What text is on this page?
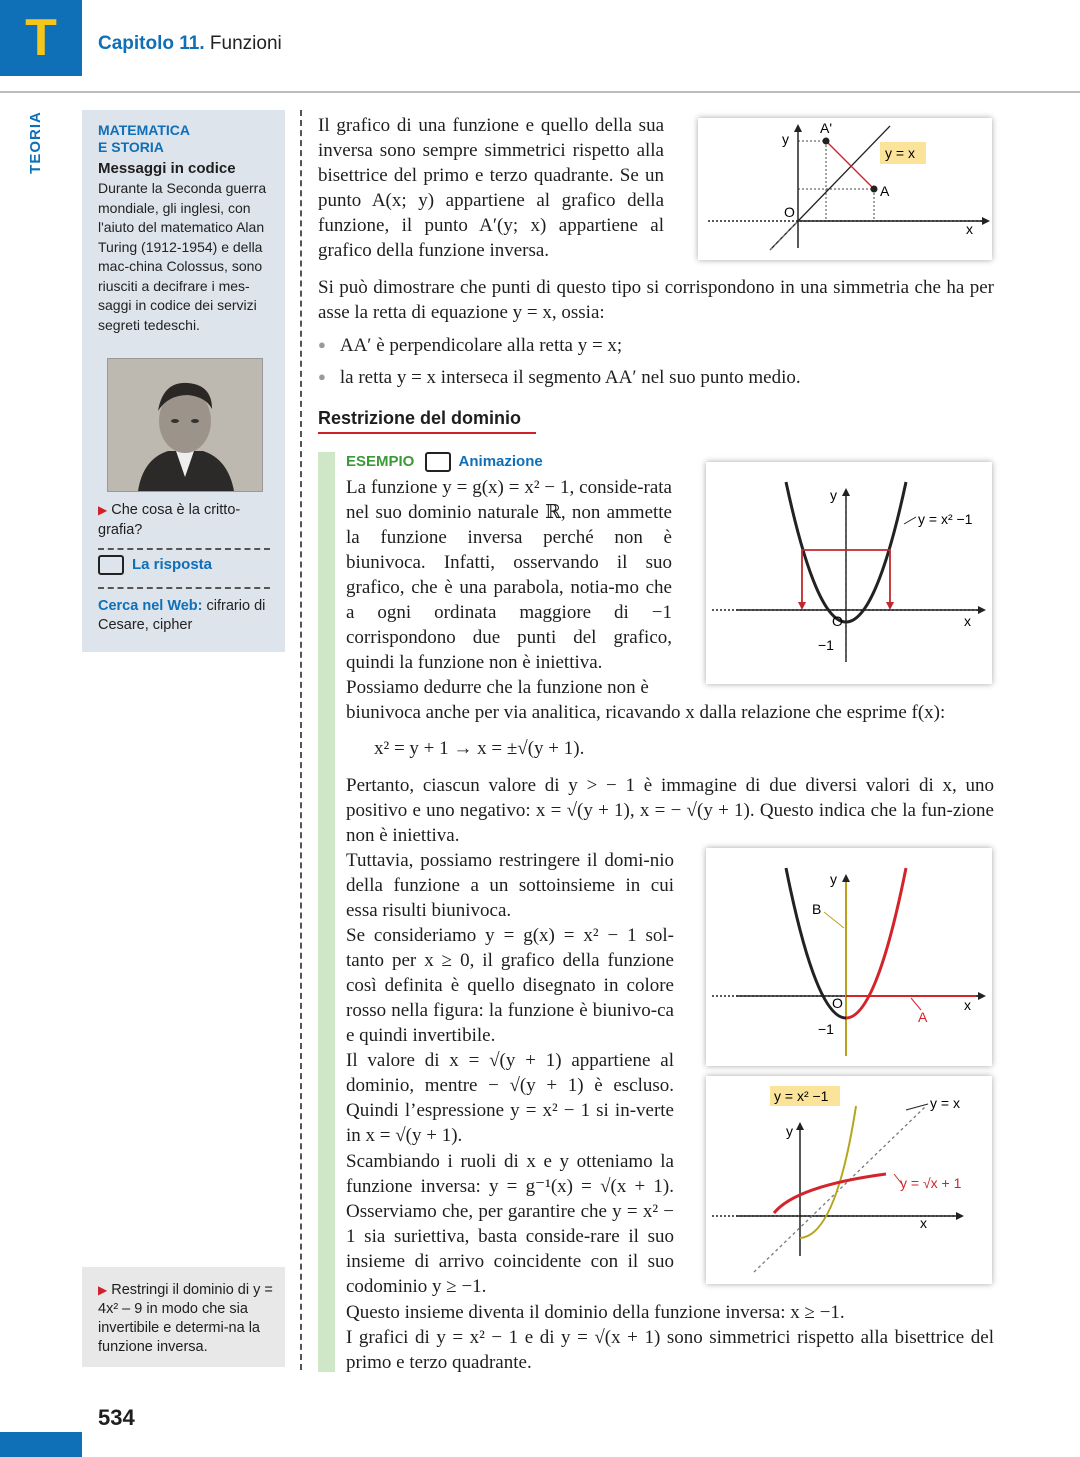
T	Capitolo 11. Funzioni
TEORIA	MATEMATICA
E STORIA
Messaggi in codice
Durante la Seconda guerra mondiale, gli inglesi, con l'aiuto del matematico Alan Turing (1912-1954) e della mac-china Colossus, sono riusciti a decifrare i mes-saggi in codice dei servizi segreti tedeschi.
▶ Che cosa è la critto-grafia?
La risposta
Cerca nel Web: cifrario di Cesare, cipher
▶ Restringi il dominio di y = 4x² – 9 in modo che sia invertibile e determi-na la funzione inversa.
534
Il grafico di una funzione e quello della sua inversa sono sempre simmetrici rispetto alla bisettrice del primo e terzo quadrante. Se un punto A(x; y) appartiene al grafico della funzione, il punto A′(y; x) appartiene al grafico della funzione inversa.
y = x
y
x
O
A
A'
Si può dimostrare che punti di questo tipo si corrispondono in una simmetria che ha per asse la retta di equazione y = x, ossia:
● AA′ è perpendicolare alla retta y = x;
● la retta y = x interseca il segmento AA′ nel suo punto medio.
Restrizione del dominio
ESEMPIO	Animazione
La funzione y = g(x) = x² − 1, conside-rata nel suo dominio naturale ℝ, non ammette la funzione inversa perché non è biunivoca. Infatti, osservando il suo grafico, che è una parabola, notia-mo che a ogni ordinata maggiore di −1 corrispondono due punti del grafico, quindi la funzione non è iniettiva.
Possiamo dedurre che la funzione non è
biunivoca anche per via analitica, ricavando x dalla relazione che esprime f(x):
x² = y + 1 → x = ±√(y + 1).
Pertanto, ciascun valore di y > − 1 è immagine di due diversi valori di x, uno positivo e uno negativo: x = √(y + 1), x = − √(y + 1). Questo indica che la fun-zione non è iniettiva.
Tuttavia, possiamo restringere il domi-nio della funzione a un sottoinsieme in cui essa risulti biunivoca.
Se consideriamo y = g(x) = x² − 1 sol-tanto per x ≥ 0, il grafico della funzione così definita è quello disegnato in colore rosso nella figura: la funzione è biunivo-ca e quindi invertibile.
Il valore di x = √(y + 1) appartiene al dominio, mentre − √(y + 1) è escluso. Quindi l’espressione y = x² − 1 si in-verte in x = √(y + 1).
Scambiando i ruoli di x e y otteniamo la funzione inversa: y = g⁻¹(x) = √(x + 1). Osserviamo che, per garantire che y = x² − 1 sia suriettiva, basta conside-rare il suo insieme di arrivo coincidente con il suo codominio y ≥ −1.
Questo insieme diventa il dominio della funzione inversa: x ≥ −1.
I grafici di y = x² − 1 e di y = √(x + 1) sono simmetrici rispetto alla bisettrice del primo e terzo quadrante.
y = x² −1
y
x
O
−1
B
A
y
x
O
−1
y = x² −1	y = x
y = √x + 1
y
x
